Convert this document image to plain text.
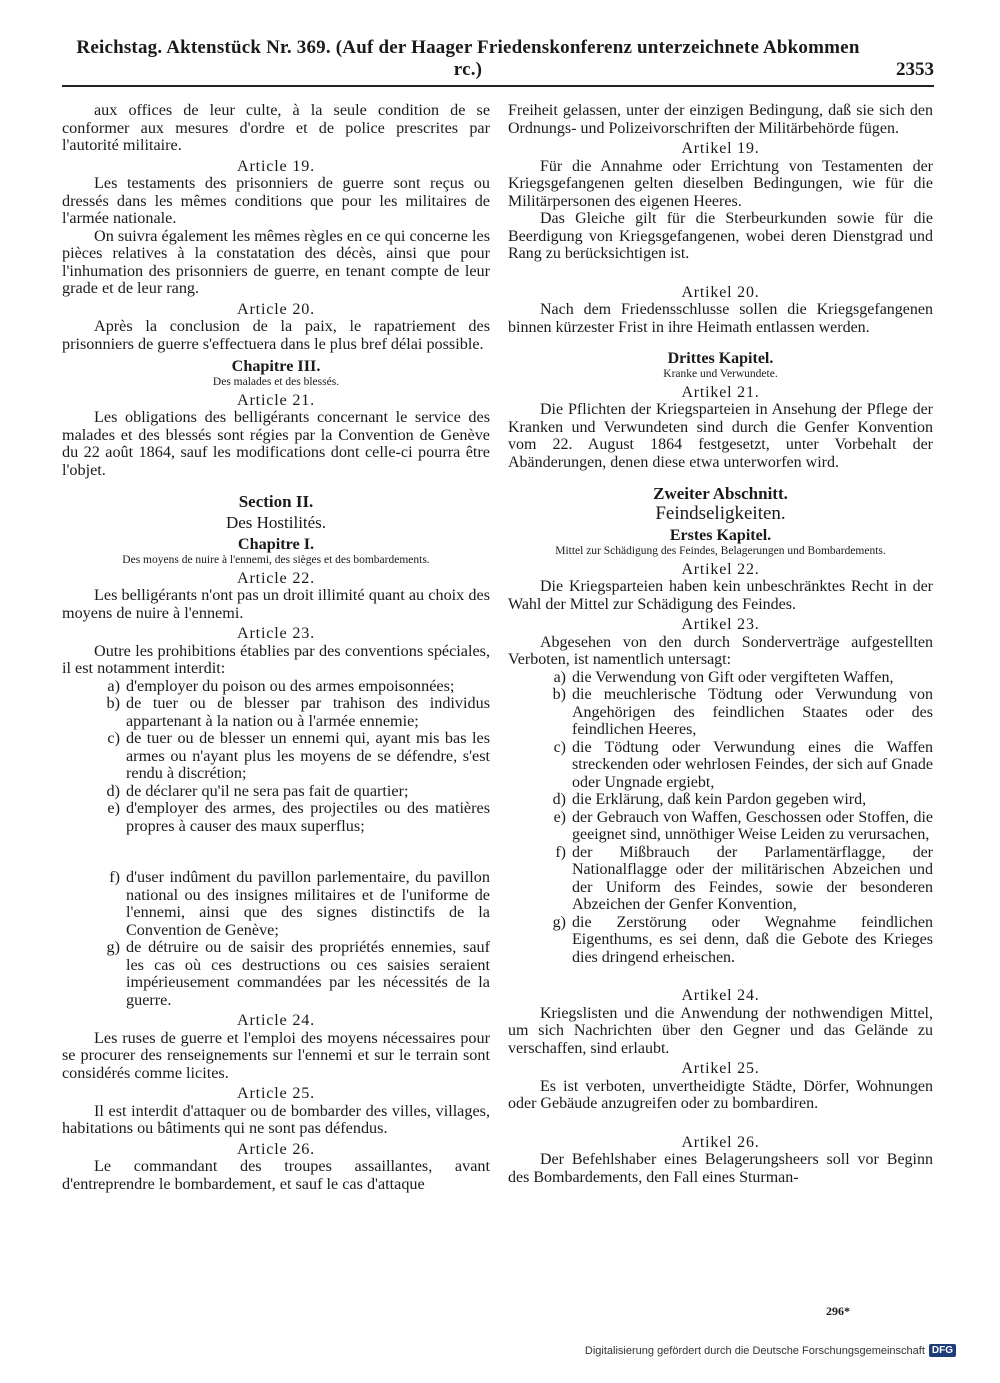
Reichstag. Aktenstück Nr. 369. (Auf der Haager Friedenskonferenz unterzeichnete Abkommen rc.)	2353

aux offices de leur culte, à la seule condition de se conformer aux mesures d'ordre et de police prescrites par l'autorité militaire.

Article 19.

Les testaments des prisonniers de guerre sont reçus ou dressés dans les mêmes conditions que pour les militaires de l'armée nationale.

On suivra également les mêmes règles en ce qui concerne les pièces relatives à la constatation des décès, ainsi que pour l'inhumation des prisonniers de guerre, en tenant compte de leur grade et de leur rang.

Article 20.

Après la conclusion de la paix, le rapatriement des prisonniers de guerre s'effectuera dans le plus bref délai possible.

Chapitre III.
Des malades et des blessés.
Article 21.

Les obligations des belligérants concernant le service des malades et des blessés sont régies par la Convention de Genève du 22 août 1864, sauf les modifications dont celle-ci pourra être l'objet.

Section II.
Des Hostilités.
Chapitre I.
Des moyens de nuire à l'ennemi, des sièges et des bombardements.
Article 22.

Les belligérants n'ont pas un droit illimité quant au choix des moyens de nuire à l'ennemi.

Article 23.

Outre les prohibitions établies par des conventions spéciales, il est notamment interdit:

a) d'employer du poison ou des armes empoisonnées;
b) de tuer ou de blesser par trahison des individus appartenant à la nation ou à l'armée ennemie;
c) de tuer ou de blesser un ennemi qui, ayant mis bas les armes ou n'ayant plus les moyens de se défendre, s'est rendu à discrétion;
d) de déclarer qu'il ne sera pas fait de quartier;
e) d'employer des armes, des projectiles ou des matières propres à causer des maux superflus;
f) d'user indûment du pavillon parlementaire, du pavillon national ou des insignes militaires et de l'uniforme de l'ennemi, ainsi que des signes distinctifs de la Convention de Genève;
g) de détruire ou de saisir des propriétés ennemies, sauf les cas où ces destructions ou ces saisies seraient impérieusement commandées par les nécessités de la guerre.
Article 24.

Les ruses de guerre et l'emploi des moyens nécessaires pour se procurer des renseignements sur l'ennemi et sur le terrain sont considérés comme licites.

Article 25.

Il est interdit d'attaquer ou de bombarder des villes, villages, habitations ou bâtiments qui ne sont pas défendus.

Article 26.

Le commandant des troupes assaillantes, avant d'entreprendre le bombardement, et sauf le cas d'attaque

Freiheit gelassen, unter der einzigen Bedingung, daß sie sich den Ordnungs- und Polizeivorschriften der Militärbehörde fügen.

Artikel 19.

Für die Annahme oder Errichtung von Testamenten der Kriegsgefangenen gelten dieselben Bedingungen, wie für die Militärpersonen des eigenen Heeres.

Das Gleiche gilt für die Sterbeurkunden sowie für die Beerdigung von Kriegsgefangenen, wobei deren Dienstgrad und Rang zu berücksichtigen ist.

Artikel 20.

Nach dem Friedensschlusse sollen die Kriegsgefangenen binnen kürzester Frist in ihre Heimath entlassen werden.

Drittes Kapitel.
Kranke und Verwundete.
Artikel 21.

Die Pflichten der Kriegsparteien in Ansehung der Pflege der Kranken und Verwundeten sind durch die Genfer Konvention vom 22. August 1864 festgesetzt, unter Vorbehalt der Abänderungen, denen diese etwa unterworfen wird.

Zweiter Abschnitt.
Feindseligkeiten.
Erstes Kapitel.
Mittel zur Schädigung des Feindes, Belagerungen und Bombardements.
Artikel 22.

Die Kriegsparteien haben kein unbeschränktes Recht in der Wahl der Mittel zur Schädigung des Feindes.

Artikel 23.

Abgesehen von den durch Sonderverträge aufgestellten Verboten, ist namentlich untersagt:

a) die Verwendung von Gift oder vergifteten Waffen,
b) die meuchlerische Tödtung oder Verwundung von Angehörigen des feindlichen Staates oder des feindlichen Heeres,
c) die Tödtung oder Verwundung eines die Waffen streckenden oder wehrlosen Feindes, der sich auf Gnade oder Ungnade ergiebt,
d) die Erklärung, daß kein Pardon gegeben wird,
e) der Gebrauch von Waffen, Geschossen oder Stoffen, die geeignet sind, unnöthiger Weise Leiden zu verursachen,
f) der Mißbrauch der Parlamentärflagge, der Nationalflagge oder der militärischen Abzeichen und der Uniform des Feindes, sowie der besonderen Abzeichen der Genfer Konvention,
g) die Zerstörung oder Wegnahme feindlichen Eigenthums, es sei denn, daß die Gebote des Krieges dies dringend erheischen.
Artikel 24.

Kriegslisten und die Anwendung der nothwendigen Mittel, um sich Nachrichten über den Gegner und das Gelände zu verschaffen, sind erlaubt.

Artikel 25.

Es ist verboten, unvertheidigte Städte, Dörfer, Wohnungen oder Gebäude anzugreifen oder zu bombardiren.

Artikel 26.

Der Befehlshaber eines Belagerungsheers soll vor Beginn des Bombardements, den Fall eines Sturman-

296*
Digitalisierung gefördert durch die Deutsche Forschungsgemeinschaft DFG
